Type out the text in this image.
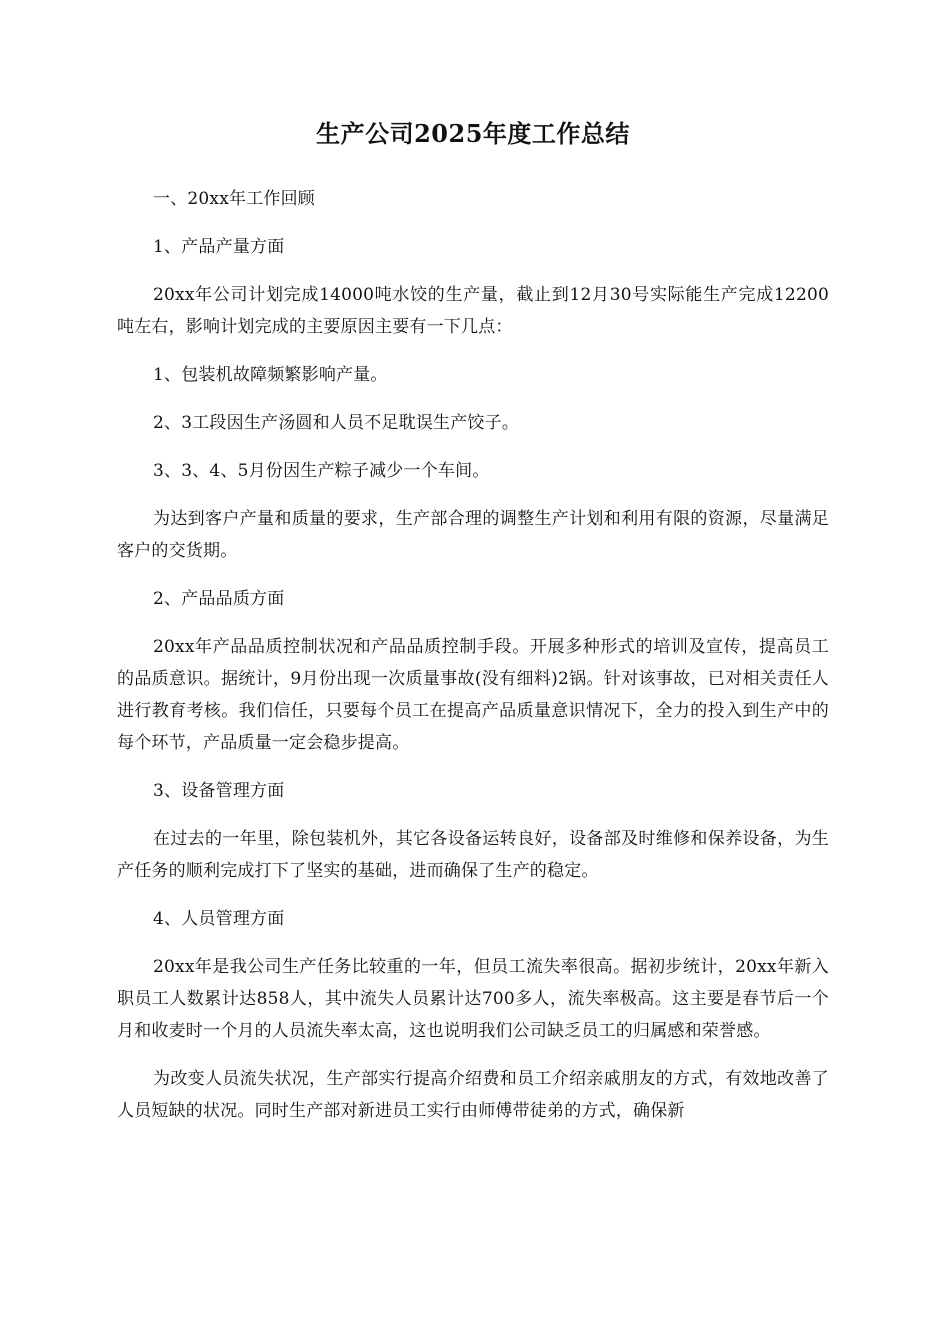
生产公司2025年度工作总结
一、20xx年工作回顾
1、产品产量方面
20xx年公司计划完成14000吨水饺的生产量，截止到12月30号实际能生产完成12200吨左右，影响计划完成的主要原因主要有一下几点：
1、包装机故障频繁影响产量。
2、3工段因生产汤圆和人员不足耽误生产饺子。
3、3、4、5月份因生产粽子减少一个车间。
为达到客户产量和质量的要求，生产部合理的调整生产计划和利用有限的资源，尽量满足客户的交货期。
2、产品品质方面
20xx年产品品质控制状况和产品品质控制手段。开展多种形式的培训及宣传，提高员工的品质意识。据统计，9月份出现一次质量事故(没有细料)2锅。针对该事故，已对相关责任人进行教育考核。我们信任，只要每个员工在提高产品质量意识情况下，全力的投入到生产中的每个环节，产品质量一定会稳步提高。
3、设备管理方面
在过去的一年里，除包装机外，其它各设备运转良好，设备部及时维修和保养设备，为生产任务的顺利完成打下了坚实的基础，进而确保了生产的稳定。
4、人员管理方面
20xx年是我公司生产任务比较重的一年，但员工流失率很高。据初步统计，20xx年新入职员工人数累计达858人，其中流失人员累计达700多人，流失率极高。这主要是春节后一个月和收麦时一个月的人员流失率太高，这也说明我们公司缺乏员工的归属感和荣誉感。
为改变人员流失状况，生产部实行提高介绍费和员工介绍亲戚朋友的方式，有效地改善了人员短缺的状况。同时生产部对新进员工实行由师傅带徒弟的方式，确保新
